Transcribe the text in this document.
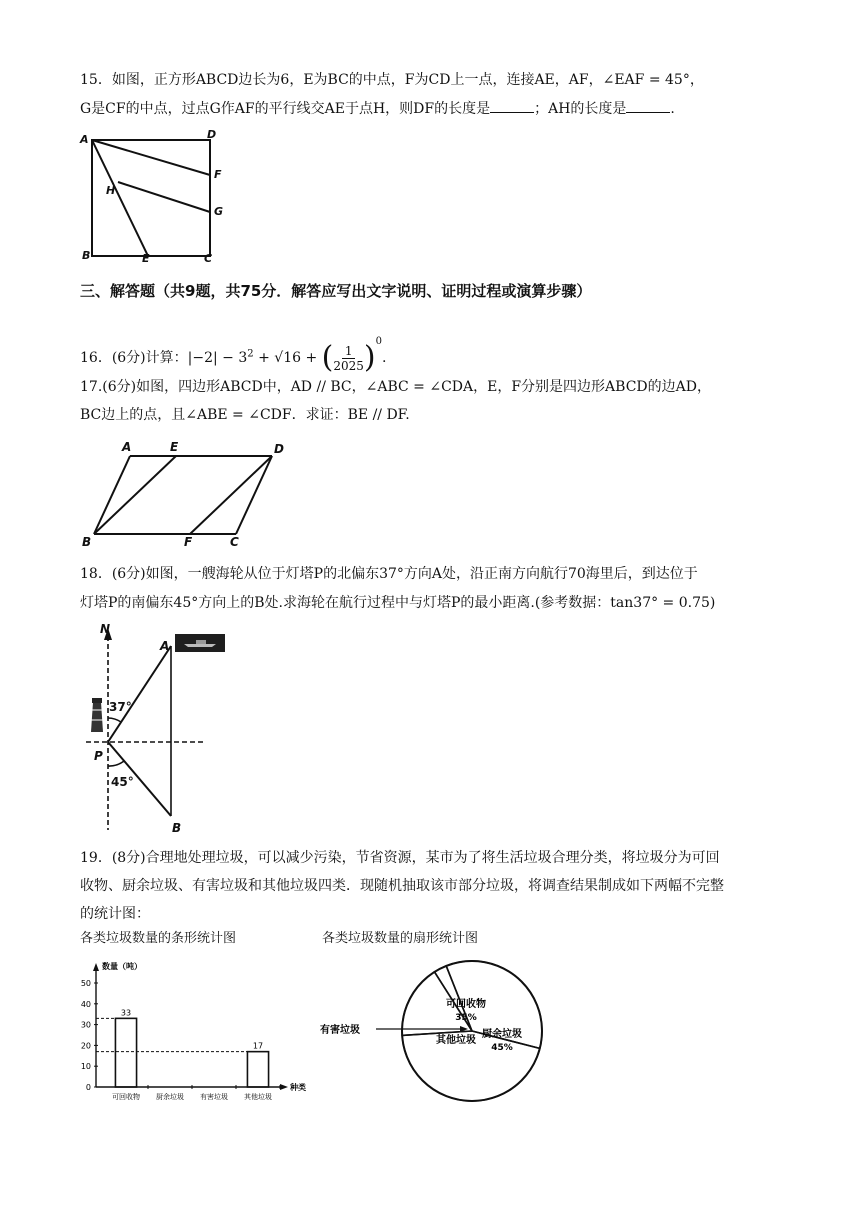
15．如图，正方形ABCD边长为6，E为BC的中点，F为CD上一点，连接AE，AF，∠EAF = 45°，
G是CF的中点，过点G作AF的平行线交AE于点H，则DF的长度是	；AH的长度是	.
A	D
F
H
G
B	E	C
三、解答题（共9题，共75分．解答应写出文字说明、证明过程或演算步骤）
16．(6分)计算：$|-2| - 3^2 + √16$ + ( $\frac{1}{2025} )^0$.
17.(6分)如图，四边形ABCD中，AD // BC，∠ABC = ∠CDA，E，F分别是四边形ABCD的边AD，
BC边上的点，且∠ABE = ∠CDF．求证：BE // DF.
A	E	D
B	F	C
18．(6分)如图，一艘海轮从位于灯塔P的北偏东37°方向A处，沿正南方向航行70海里后，到达位于
灯塔P的南偏东45°方向上的B处.求海轮在航行过程中与灯塔P的最小距离.(参考数据：tan37° = 0.75)
N
A
P
B
37°
45°
19．(8分)合理地处理垃圾，可以减少污染，节省资源，某市为了将生活垃圾合理分类，将垃圾分为可回
收物、厨余垃圾、有害垃圾和其他垃圾四类．现随机抽取该市部分垃圾，将调查结果制成如下两幅不完整
的统计图：
各类垃圾数量的条形统计图	各类垃圾数量的扇形统计图
数量（吨）
种类
0
10
20
30
40
50
可回收物
33
厨余垃圾 有害垃圾 其他垃圾
17
可回收物
35%
厨余垃圾
45%
其他垃圾
有害垃圾
